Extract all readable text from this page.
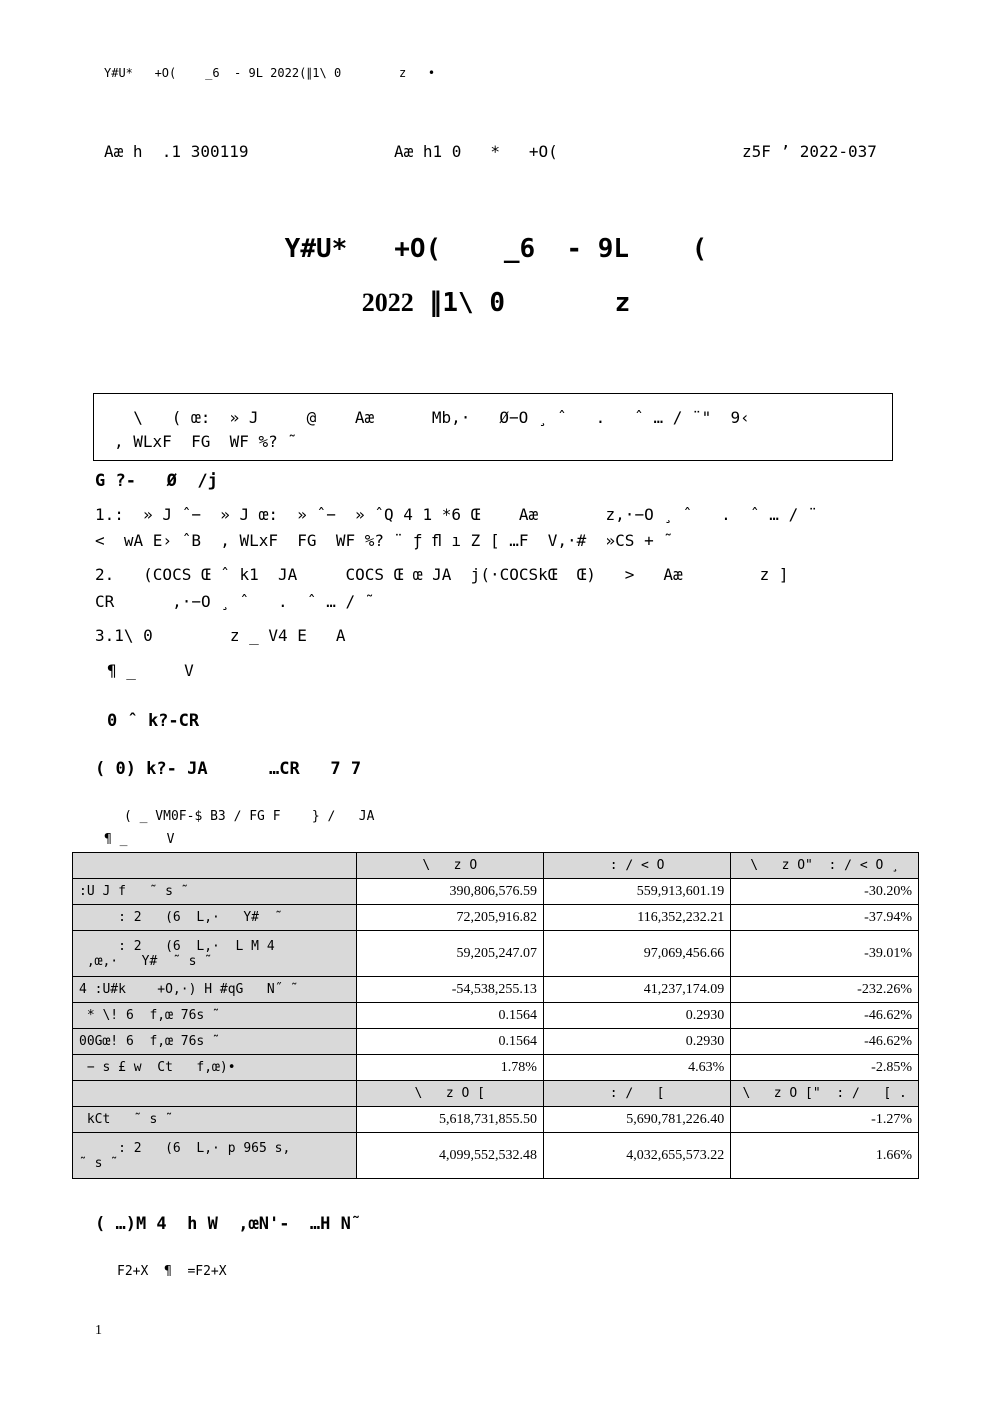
Y#U*   +O(    _6  - 9L 2022(∥1\ 0        z   •
Aæ h  .1 300119	Aæ h1 0   *   +O(	z5F ’ 2022-037
Y#U*   +O(    _6  - 9L    (
2022 ∥1\ 0       z
\   ( œ:  » J     @    Aæ      Mb,·   Ø−O ¸ ˆ   .   ˆ … ∕ ¨"  9‹
, WLxF  FG  WF %? ˜
G ?-   Ø  ∕j
1.:  » J ˆ−  » J œ:  » ˆ−  » ˆQ 4 1 *6 Œ    Aæ       z,·−O ¸ ˆ   .  ˆ … ∕ ¨
<  wA E› ˆB  , WLxF  FG  WF %? ¨ ƒ ﬂ ı Z [ …F  V,·#  »CS + ˜
2.   (COCS Œ ˆ k1  JA     COCS Œ œ JA  j(·COCSkŒ  Œ)   >   Aæ        z ]
CR      ,·−O ¸ ˆ   .  ˆ … ∕ ˜
3.1\ 0        z _ V4 E   A
¶ _     V
0 ˆ k?-CR
( 0) k?- JA      …CR   7 7
( _ VM0F-$ B3 ∕ FG F    } ∕   JA
¶ _     V
	\   z O	: ∕ < O	\   z O"  : ∕ < O ¸
:U J f   ˜ s ˜	390,806,576.59	559,913,601.19	-30.20%
: 2   (6  L,·   Y#  ˜	72,205,916.82	116,352,232.21	-37.94%
: 2   (6  L,·  L M 4
,œ,·   Y#  ˜ s ˜	59,205,247.07	97,069,456.66	-39.01%
4 :U#k    +O,·) H #qG   N˝ ˜	-54,538,255.13	41,237,174.09	-232.26%
* \! 6  f,œ 76s ˜	0.1564	0.2930	-46.62%
00Gœ! 6  f,œ 76s ˜	0.1564	0.2930	-46.62%
− s £ w  Ct   f,œ)•	1.78%	4.63%	-2.85%
	\   z O [	: ∕   [	\   z O ["  : ∕   [ .
kCt   ˜ s ˜	5,618,731,855.50	5,690,781,226.40	-1.27%
: 2   (6  L,· p 965 s,
˜ s ˜	4,099,552,532.48	4,032,655,573.22	1.66%
( …)M 4  h W  ,œN'-  …H N˜
F2+X  ¶  =F2+X
1
